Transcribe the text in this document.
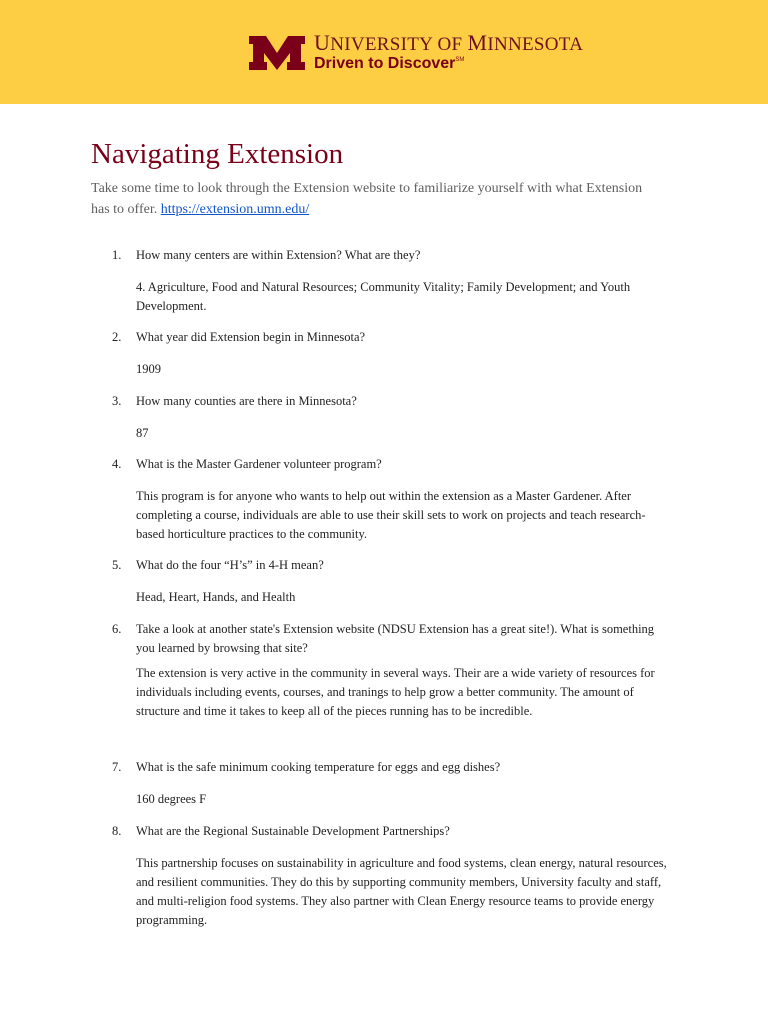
UNIVERSITY OF MINNESOTA
Driven to Discover℠
Navigating Extension

Take some time to look through the Extension website to familiarize yourself with what Extension has to offer. https://extension.umn.edu/

1. How many centers are within Extension? What are they?

4. Agriculture, Food and Natural Resources; Community Vitality; Family Development; and Youth Development.

2. What year did Extension begin in Minnesota?

1909

3. How many counties are there in Minnesota?

87

4. What is the Master Gardener volunteer program?

This program is for anyone who wants to help out within the extension as a Master Gardener. After completing a course, individuals are able to use their skill sets to work on projects and teach research-based horticulture practices to the community.

5. What do the four “H’s” in 4-H mean?

Head, Heart, Hands, and Health

6. Take a look at another state's Extension website (NDSU Extension has a great site!). What is something you learned by browsing that site?

The extension is very active in the community in several ways. Their are a wide variety of resources for individuals including events, courses, and tranings to help grow a better community. The amount of structure and time it takes to keep all of the pieces running has to be incredible.

7. What is the safe minimum cooking temperature for eggs and egg dishes?

160 degrees F

8. What are the Regional Sustainable Development Partnerships?

This partnership focuses on sustainability in agriculture and food systems, clean energy, natural resources, and resilient communities. They do this by supporting community members, University faculty and staff, and multi-religion food systems. They also partner with Clean Energy resource teams to provide energy programming.
